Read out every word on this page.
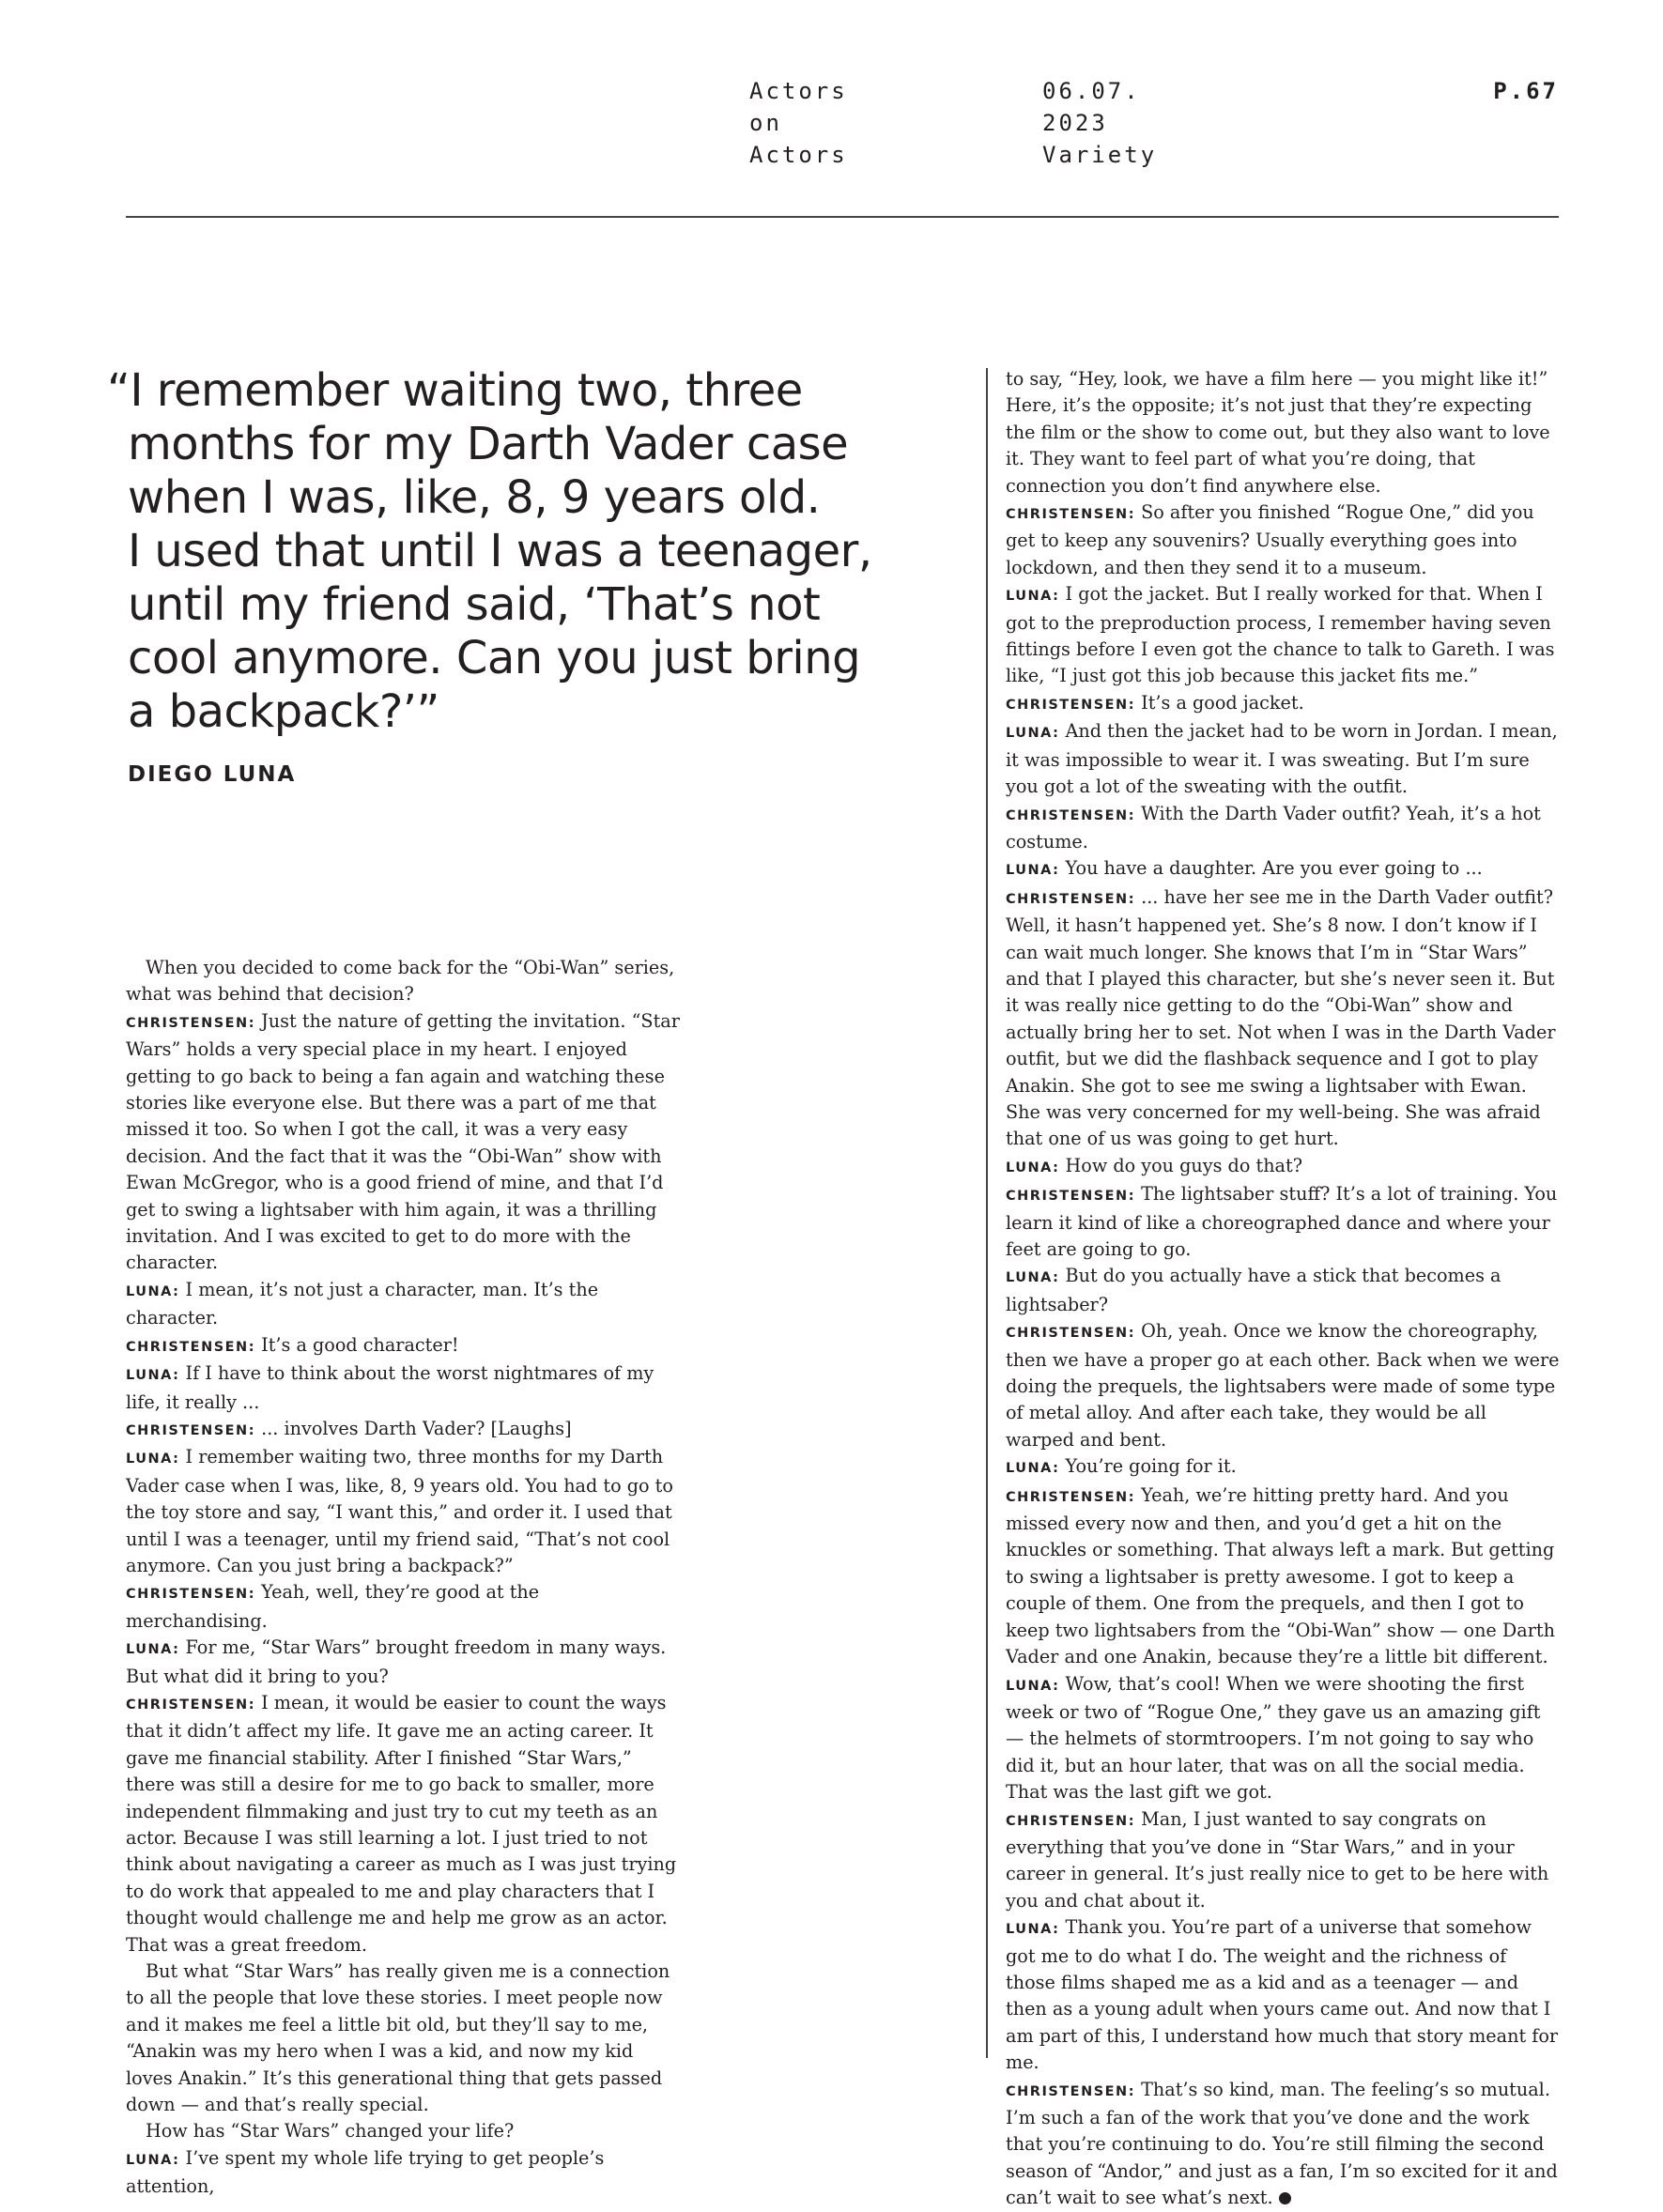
Actors
on
Actors
06.07.
2023
Variety
P.67
“I remember waiting two, three
months for my Darth Vader case
when I was, like, 8, 9 years old.
I used that until I was a teenager,
until my friend said, ‘That’s not
cool anymore. Can you just bring
a backpack?’”
DIEGO LUNA

When you decided to come back for the “Obi-Wan” series, what was behind that decision?

CHRISTENSEN: Just the nature of getting the invitation. “Star Wars” holds a very special place in my heart. I enjoyed getting to go back to being a fan again and watching these stories like everyone else. But there was a part of me that missed it too. So when I got the call, it was a very easy decision. And the fact that it was the “Obi-Wan” show with Ewan McGregor, who is a good friend of mine, and that I’d get to swing a lightsaber with him again, it was a thrilling invitation. And I was excited to get to do more with the character.

LUNA: I mean, it’s not just a character, man. It’s the character.

CHRISTENSEN: It’s a good character!

LUNA: If I have to think about the worst nightmares of my life, it really ...

CHRISTENSEN: ... involves Darth Vader? [Laughs]

LUNA: I remember waiting two, three months for my Darth Vader case when I was, like, 8, 9 years old. You had to go to the toy store and say, “I want this,” and order it. I used that until I was a teenager, until my friend said, “That’s not cool anymore. Can you just bring a backpack?”

CHRISTENSEN: Yeah, well, they’re good at the merchandising.

LUNA: For me, “Star Wars” brought freedom in many ways. But what did it bring to you?

CHRISTENSEN: I mean, it would be easier to count the ways that it didn’t affect my life. It gave me an acting career. It gave me financial stability. After I finished “Star Wars,” there was still a desire for me to go back to smaller, more independent filmmaking and just try to cut my teeth as an actor. Because I was still learning a lot. I just tried to not think about navigating a career as much as I was just trying to do work that appealed to me and play characters that I thought would challenge me and help me grow as an actor. That was a great freedom.

But what “Star Wars” has really given me is a connection to all the people that love these stories. I meet people now and it makes me feel a little bit old, but they’ll say to me, “Anakin was my hero when I was a kid, and now my kid loves Anakin.” It’s this generational thing that gets passed down — and that’s really special.

How has “Star Wars” changed your life?

LUNA: I’ve spent my whole life trying to get people’s attention,

to say, “Hey, look, we have a film here — you might like it!” Here, it’s the opposite; it’s not just that they’re expecting the film or the show to come out, but they also want to love it. They want to feel part of what you’re doing, that connection you don’t find anywhere else.

CHRISTENSEN: So after you finished “Rogue One,” did you get to keep any souvenirs? Usually everything goes into lockdown, and then they send it to a museum.

LUNA: I got the jacket. But I really worked for that. When I got to the preproduction process, I remember having seven fittings before I even got the chance to talk to Gareth. I was like, “I just got this job because this jacket fits me.”

CHRISTENSEN: It’s a good jacket.

LUNA: And then the jacket had to be worn in Jordan. I mean, it was impossible to wear it. I was sweating. But I’m sure you got a lot of the sweating with the outfit.

CHRISTENSEN: With the Darth Vader outfit? Yeah, it’s a hot costume.

LUNA: You have a daughter. Are you ever going to ...

CHRISTENSEN: ... have her see me in the Darth Vader outfit? Well, it hasn’t happened yet. She’s 8 now. I don’t know if I can wait much longer. She knows that I’m in “Star Wars” and that I played this character, but she’s never seen it. But it was really nice getting to do the “Obi-Wan” show and actually bring her to set. Not when I was in the Darth Vader outfit, but we did the flashback sequence and I got to play Anakin. She got to see me swing a lightsaber with Ewan. She was very concerned for my well-being. She was afraid that one of us was going to get hurt.

LUNA: How do you guys do that?

CHRISTENSEN: The lightsaber stuff? It’s a lot of training. You learn it kind of like a choreographed dance and where your feet are going to go.

LUNA: But do you actually have a stick that becomes a lightsaber?

CHRISTENSEN: Oh, yeah. Once we know the choreography, then we have a proper go at each other. Back when we were doing the prequels, the lightsabers were made of some type of metal alloy. And after each take, they would be all warped and bent.

LUNA: You’re going for it.

CHRISTENSEN: Yeah, we’re hitting pretty hard. And you missed every now and then, and you’d get a hit on the knuckles or something. That always left a mark. But getting to swing a lightsaber is pretty awesome. I got to keep a couple of them. One from the prequels, and then I got to keep two lightsabers from the “Obi-Wan” show — one Darth Vader and one Anakin, because they’re a little bit different.

LUNA: Wow, that’s cool! When we were shooting the first week or two of “Rogue One,” they gave us an amazing gift — the helmets of stormtroopers. I’m not going to say who did it, but an hour later, that was on all the social media. That was the last gift we got.

CHRISTENSEN: Man, I just wanted to say congrats on everything that you’ve done in “Star Wars,” and in your career in general. It’s just really nice to get to be here with you and chat about it.

LUNA: Thank you. You’re part of a universe that somehow got me to do what I do. The weight and the richness of those films shaped me as a kid and as a teenager — and then as a young adult when yours came out. And now that I am part of this, I understand how much that story meant for me.

CHRISTENSEN: That’s so kind, man. The feeling’s so mutual. I’m such a fan of the work that you’ve done and the work that you’re continuing to do. You’re still filming the second season of “Andor,” and just as a fan, I’m so excited for it and can’t wait to see what’s next.
